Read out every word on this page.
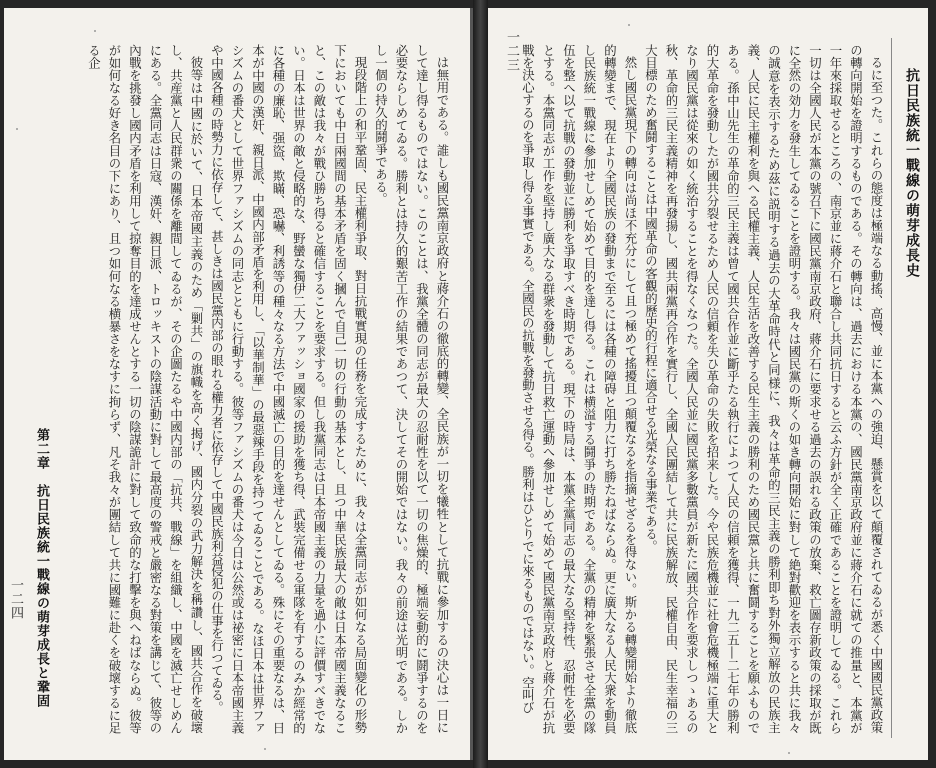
は無用である。誰しも國民黨南京政府と蔣介石の徹底的轉變、全民族が一切を犧牲として抗戰に參加するの決心は一日にして達し得るものではない。このことは、我黨全體の同志が最大の忍耐性を以て一切の焦燥的、極端妄動的に鬪爭するのを必要ならしめてゐる。勝利とは持久的艱苦工作の結果であつて、決してその開始ではない。我々の前途は光明である。しかし一個の持久的鬪爭である。

現段階上の和平鞏固、民主權利爭取、對日抗戰實現の任務を完成するために、我々は全黨同志が如何なる局面變化の形勢下においても中日兩國間の基本矛盾を固く摑んで自己一切の行動の基本とし、且つ中華民族最大の敵は日本帝國主義なること、この敵は我々が戰ひ勝ち得ると確信することを要求する。但し我黨同志は日本帝國主義の力量を過小に評價すべきでない。日本は世界の敵と侵略的な、野蠻な獨伊二大ファッショ國家の援助を獲ち得、武裝完備せる軍隊を有するのみか經常的に各種の廉恥、强盜、欺瞞、恐嚇、利誘等の種々なる方法で中國滅亡の目的を達せんとしてゐる。殊にその重要なるは、日本が中國の漢奸、親日派、中國内部矛盾を利用し、「以華制華」の最惡辣手段を持つてゐることである。なほ日本は世界ファシズムの番犬として世界ファシズムの同志とともに行動する。彼等ファシズムの番犬は今日は公然或は祕密に日本帝國主義や中國各種の時勢力に依存して、甚しきは國民黨内部の眼れる權力者に依存して中國民族利益侵犯の仕事を行つてゐる。

彼等は中國に於いて、日本帝國主義のため「剿共」の旗幟を高く揭げ、國内分裂の武力解決を稱讚し、國共合作を破壞し、共産黨と人民群衆の關係を離間してゐるが、その企圖たるや中國内部の「抗共、戰線」を組織し、中國を滅亡せしめんにある。全黨同志は日寇、漢奸、親日派、トロッキストの陰謀活動に對して最高度の警戒と嚴密なる對策を講じて、彼等の內戰を挑發し國内矛盾を利用して掠奪目的を達成せんとする一切の陰謀詭計に對して致命的な打擊を與へねばならぬ。彼等が如何なる好き名目の下にあり、且つ如何なる横暴さをなすに拘らず、凡そ我々が團結して共に國難に赴くを破壞するに足る企

第二章　抗日民族統一戰線の萌芽成長と鞏固
一二四
抗日民族統一戰線の萌芽成長史
一二三

るに至つた。これらの態度は極端なる動搖、高慢、並に本黨への強迫、懸賞を以て顛覆されてゐるが悉く中國國民黨政策の轉向開始を證明するものである。その轉向は、過去における本黨の、國民黨南京政府並に蔣介石に就ての推量と、本黨が一年來採取せるところの、南京並に蔣介石と聯合し共同抗日すると云ふ方針が全く正確であることを證明してゐる。これら一切は全國人民が本黨の號召下に國民黨南京政府、蔣介石に要求せる過去の誤れる政策の放棄、救亡圖存新政策の採取が既に全然の効力を發生してゐることを證明する。我々は國民黨の斯くの如き轉向開始に對して絶對歡迎を表示すると共に我々の誠意を表示するため茲に説明する過去の大革命時代と同様に、我々は革命的三民主義の勝利即ち對外獨立解放の民族主義、人民に民主權利を與へる民權主義、人民生活を改善する民生主義の勝利のため國民黨と共に奮鬪することを願ふものである。孫中山先生の革命的三民主義は曾て國共合作並に斷乎たる執行によつて人民の信頼を獲得、一九二五―二七年の勝利的大革命を發動したが國共分裂せるため人民の信頼を失ひ革命の失敗を招来した。今や民族危機並に社會危機極端に重大となり國民黨は從來の如く統治することを得なくなつた。全國人民並に國民黨多數黨員が新たに國共合作を要求しつゝあるの秋、革命的三民主義精神を再發揚し、國共兩黨再合作を實行し、全國人民團結して共に民族解放、民權自由、民生幸福の三大目標のため奮鬪することは中國革命の客觀的歷史的行程に適合せる光榮なる事業である。

然し國民黨現下の轉向は尚ほ不充分にして且つ極めて搖擾且つ顛覆なるを指摘せざるを得ない。斯かる轉變開始より徹底的轉變まで、現在より全國民族の發動まで至るには各種の障碍と阻力に打ち勝たねばならぬ。更に廣大なる人民大衆を動員し民族統一戰線に參加せしめて始めて目的を達し得る。これは横溢する鬪爭の時期である。全黨の精神を緊張させ全黨の隊伍を整へ以て抗戰の發動並に勝利を爭取すべき時期である。現下の時局は、本黨全黨同志の最大なる堅持性、忍耐性を必要とする。本黨同志が工作を堅持し廣大なる群衆を發動して抗日救亡運動へ參加せしめて始めて國民黨南京政府と蔣介石が抗戰を決心するのを爭取し得る事實である。全國民の抗戰を發動させる得る。勝利はひとりでに來るものではない。空叫び
